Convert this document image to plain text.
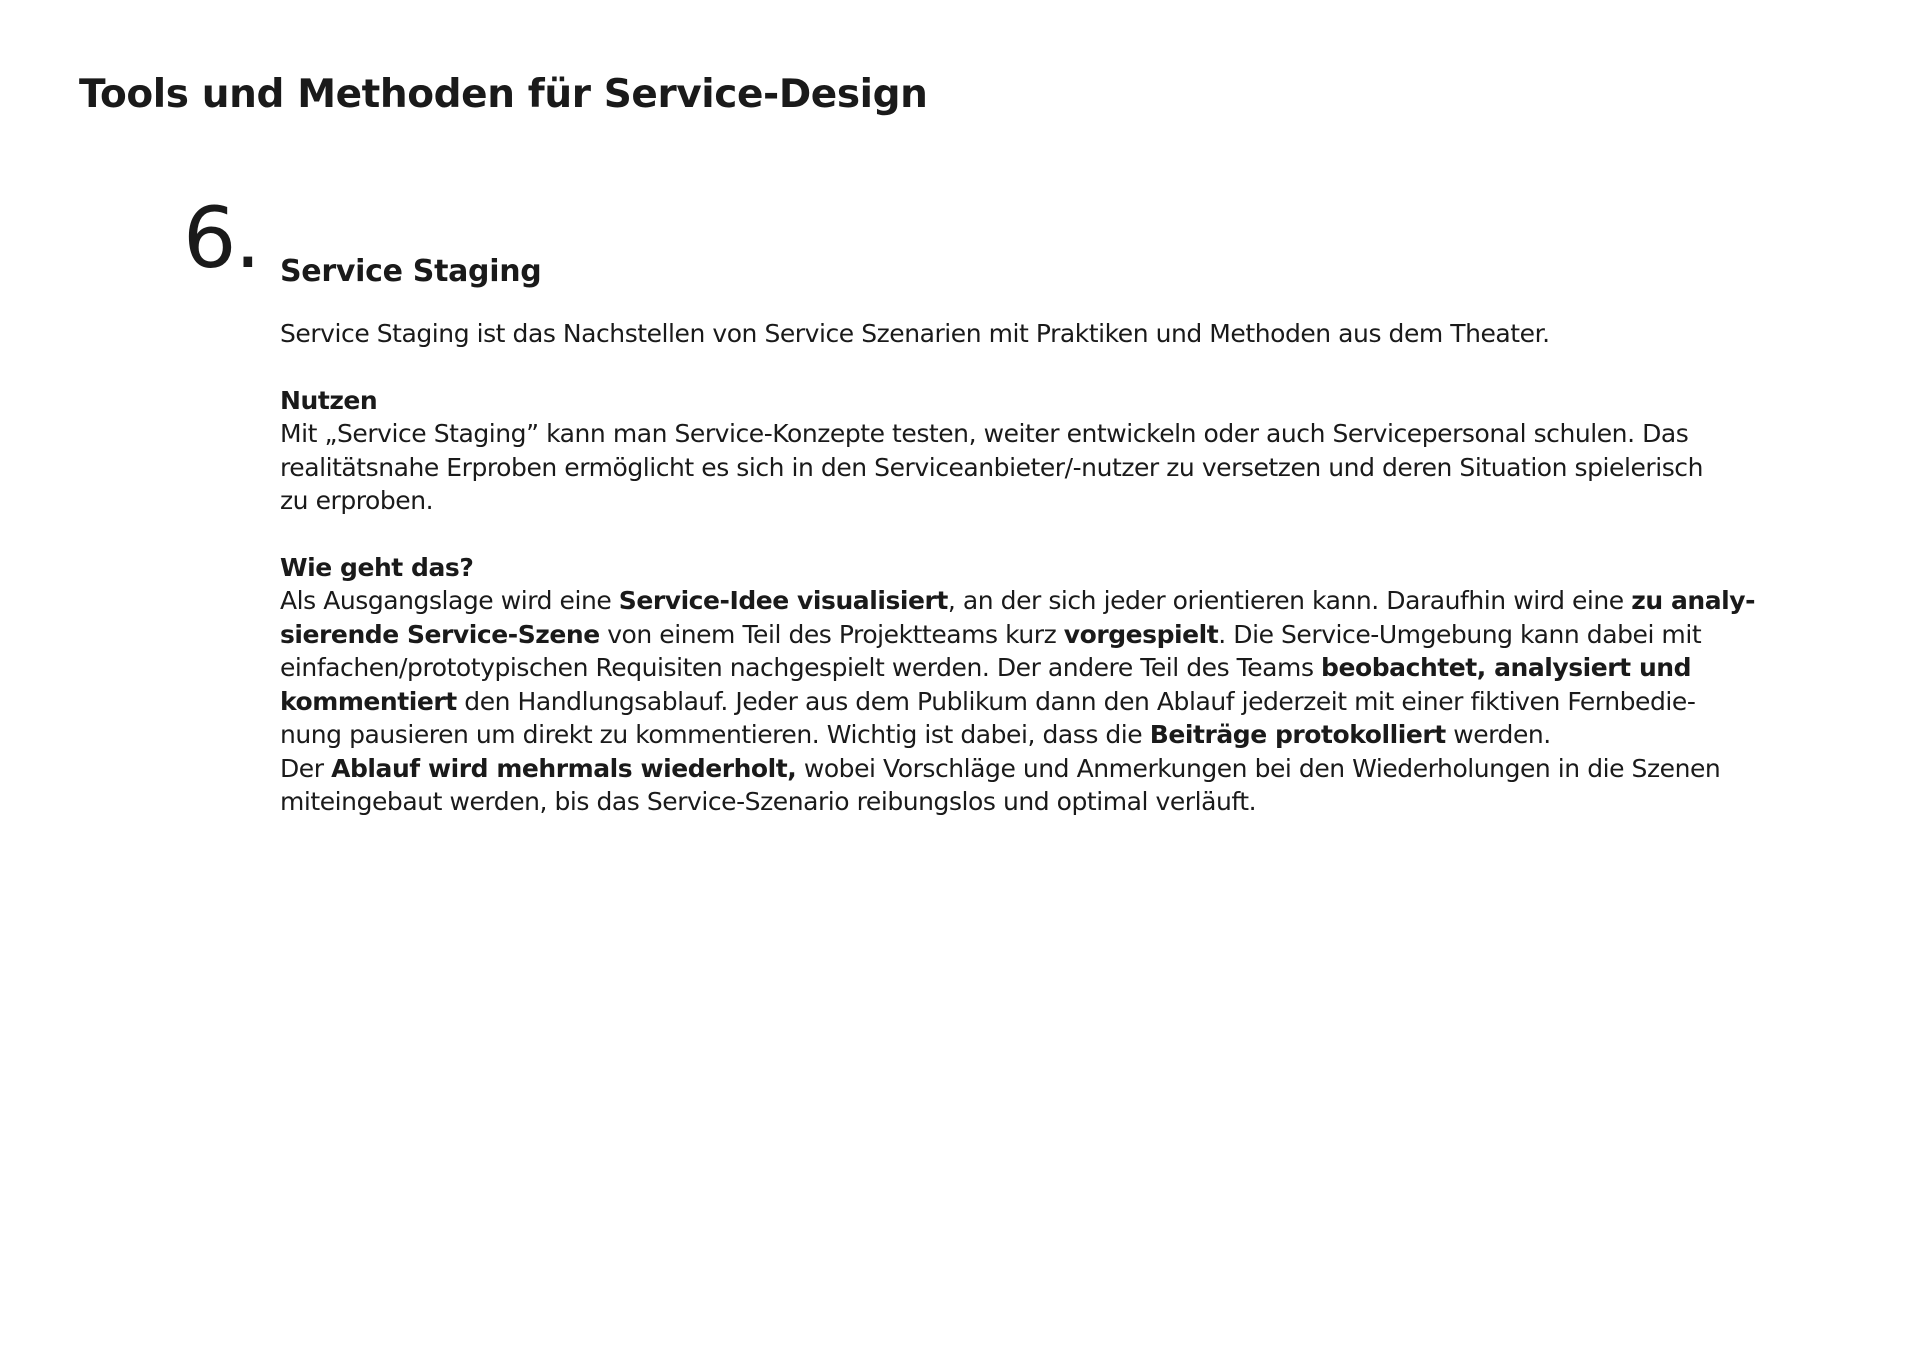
Tools und Methoden für Service-Design
6. Service Staging

Service Staging ist das Nachstellen von Service Szenarien mit Praktiken und Methoden aus dem Theater.

Nutzen
Mit „Service Staging” kann man Service-Konzepte testen, weiter entwickeln oder auch Servicepersonal schulen. Das
realitätsnahe Erproben ermöglicht es sich in den Serviceanbieter/-nutzer zu versetzen und deren Situation spielerisch
zu erproben.
Wie geht das?
Als Ausgangslage wird eine Service-Idee visualisiert, an der sich jeder orientieren kann. Daraufhin wird eine zu analy-
sierende Service-Szene von einem Teil des Projektteams kurz vorgespielt. Die Service-Umgebung kann dabei mit
einfachen/prototypischen Requisiten nachgespielt werden. Der andere Teil des Teams beobachtet, analysiert und
kommentiert den Handlungsablauf. Jeder aus dem Publikum dann den Ablauf jederzeit mit einer fiktiven Fernbedie-
nung pausieren um direkt zu kommentieren. Wichtig ist dabei, dass die Beiträge protokolliert werden.
Der Ablauf wird mehrmals wiederholt, wobei Vorschläge und Anmerkungen bei den Wiederholungen in die Szenen
miteingebaut werden, bis das Service-Szenario reibungslos und optimal verläuft.
